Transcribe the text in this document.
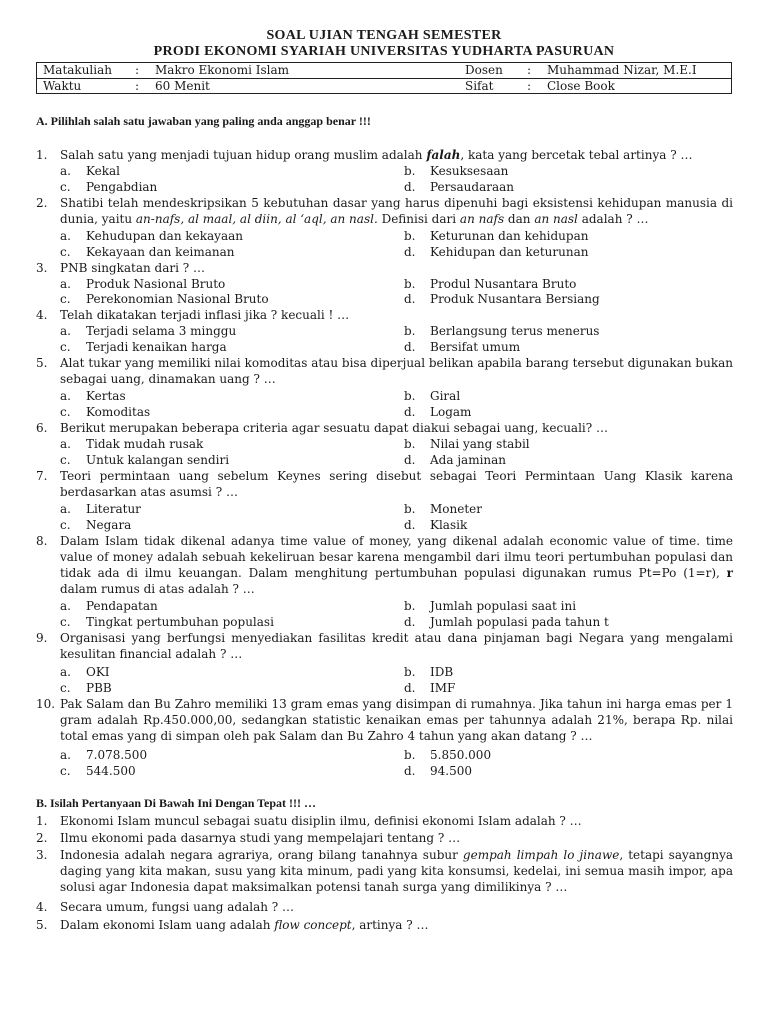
SOAL UJIAN TENGAH SEMESTER
PRODI EKONOMI SYARIAH UNIVERSITAS YUDHARTA PASURUAN
Matakuliah : Makro Ekonomi Islam	Dosen : Muhammad Nizar, M.E.I
Waktu	: 60 Menit	Sifat	: Close Book
A. Pilihlah salah satu jawaban yang paling anda anggap benar !!!
1. Salah satu yang menjadi tujuan hidup orang muslim adalah falah, kata yang bercetak tebal artinya ? …
a. Kekal	b. Kesuksesaan
c. Pengabdian	d. Persaudaraan
2. Shatibi telah mendeskripsikan 5 kebutuhan dasar yang harus dipenuhi bagi eksistensi kehidupan manusia di dunia, yaitu an-nafs, al maal, al diin, al ‘aql, an nasl. Definisi dari an nafs dan an nasl adalah ? …
a. Kehudupan dan kekayaan	b. Keturunan dan kehidupan
c. Kekayaan dan keimanan	d. Kehidupan dan keturunan
3. PNB singkatan dari ? …
a. Produk Nasional Bruto	b. Produl Nusantara Bruto
c. Perekonomian Nasional Bruto	d. Produk Nusantara Bersiang
4. Telah dikatakan terjadi inflasi jika ? kecuali ! …
a. Terjadi selama 3 minggu	b. Berlangsung terus menerus
c. Terjadi kenaikan harga	d. Bersifat umum
5. Alat tukar yang memiliki nilai komoditas atau bisa diperjual belikan apabila barang tersebut digunakan bukan sebagai uang, dinamakan uang ? …
a. Kertas	b. Giral
c. Komoditas	d. Logam
6. Berikut merupakan beberapa criteria agar sesuatu dapat diakui sebagai uang, kecuali? …
a. Tidak mudah rusak	b. Nilai yang stabil
c. Untuk kalangan sendiri	d. Ada jaminan
7. Teori permintaan uang sebelum Keynes sering disebut sebagai Teori Permintaan Uang Klasik karena berdasarkan atas asumsi ? …
a. Literatur	b. Moneter
c. Negara	d. Klasik
8. Dalam Islam tidak dikenal adanya time value of money, yang dikenal adalah economic value of time. time value of money adalah sebuah kekeliruan besar karena mengambil dari ilmu teori pertumbuhan populasi dan tidak ada di ilmu keuangan. Dalam menghitung pertumbuhan populasi digunakan rumus Pt=Po (1=r), r dalam rumus di atas adalah ? …
a. Pendapatan	b. Jumlah populasi saat ini
c. Tingkat pertumbuhan populasi	d. Jumlah populasi pada tahun t
9. Organisasi yang berfungsi menyediakan fasilitas kredit atau dana pinjaman bagi Negara yang mengalami kesulitan financial adalah ? …
a. OKI	b. IDB
c. PBB	d. IMF
10. Pak Salam dan Bu Zahro memiliki 13 gram emas yang disimpan di rumahnya. Jika tahun ini harga emas per 1 gram adalah Rp.450.000,00, sedangkan statistic kenaikan emas per tahunnya adalah 21%, berapa Rp. nilai total emas yang di simpan oleh pak Salam dan Bu Zahro 4 tahun yang akan datang ? …
a. 7.078.500	b. 5.850.000
c. 544.500	d. 94.500
B. Isilah Pertanyaan Di Bawah Ini Dengan Tepat !!! …
1. Ekonomi Islam muncul sebagai suatu disiplin ilmu, definisi ekonomi Islam adalah ? …
2. Ilmu ekonomi pada dasarnya studi yang mempelajari tentang ? …
3. Indonesia adalah negara agrariya, orang bilang tanahnya subur gempah limpah lo jinawe, tetapi sayangnya daging yang kita makan, susu yang kita minum, padi yang kita konsumsi, kedelai, ini semua masih impor, apa solusi agar Indonesia dapat maksimalkan potensi tanah surga yang dimilikinya ? …
4. Secara umum, fungsi uang adalah ? …
5. Dalam ekonomi Islam uang adalah flow concept, artinya ? …
